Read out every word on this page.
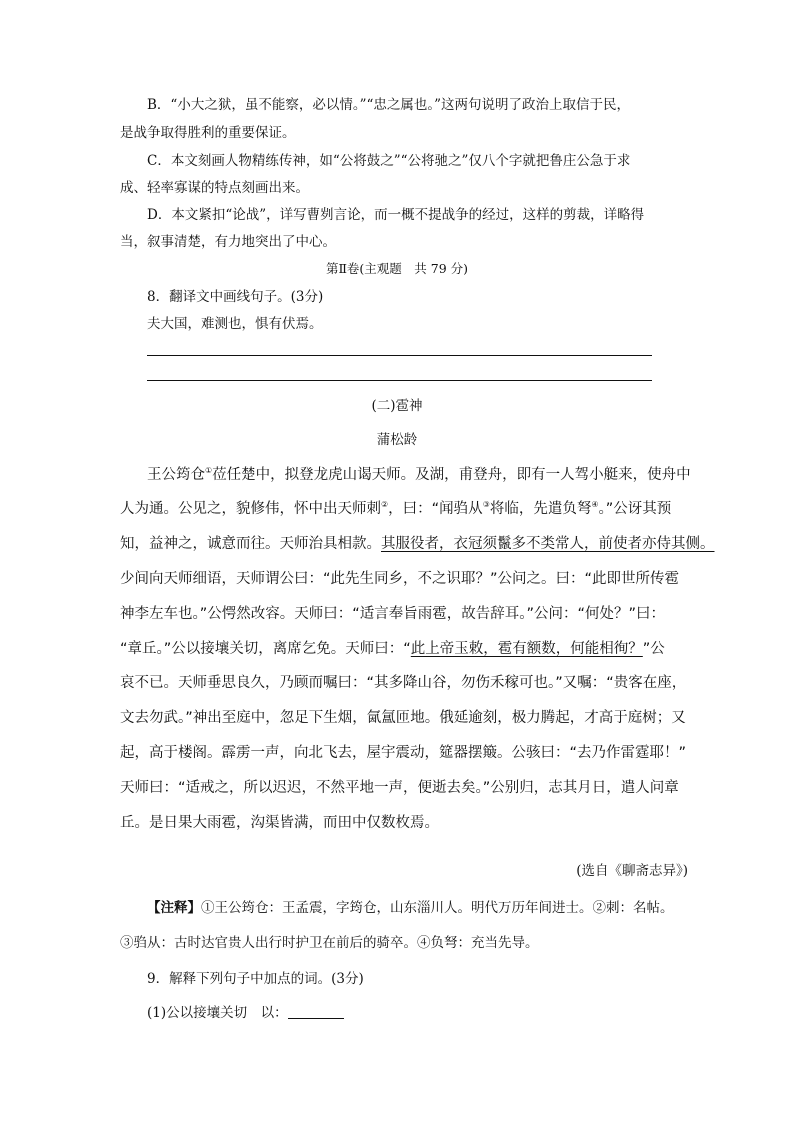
B．“小大之狱，虽不能察，必以情。”“忠之属也。”这两句说明了政治上取信于民，
是战争取得胜利的重要保证。
C．本文刻画人物精练传神，如“公将鼓之”“公将驰之”仅八个字就把鲁庄公急于求
成、轻率寡谋的特点刻画出来。
D．本文紧扣“论战”，详写曹刿言论，而一概不提战争的经过，这样的剪裁，详略得
当，叙事清楚，有力地突出了中心。
第Ⅱ卷(主观题　共 79 分)
8．翻译文中画线句子。(3分)
夫大国，难测也，惧有伏焉。
(二)雹神
蒲松龄
王公筠仓①莅任楚中，拟登龙虎山谒天师。及湖，甫登舟，即有一人驾小艇来，使舟中
人为通。公见之，貌修伟，怀中出天师刺②，曰：“闻驺从③将临，先遣负弩④。”公讶其预
知，益神之，诚意而往。天师治具相款。其服役者，衣冠须鬣多不类常人，前使者亦侍其侧。
少间向天师细语，天师谓公曰：“此先生同乡，不之识耶？”公问之。曰：“此即世所传雹
神李左车也。”公愕然改容。天师曰：“适言奉旨雨雹，故告辞耳。”公问：“何处？”曰：
“章丘。”公以接壤关切，离席乞免。天师曰：“此上帝玉敕，雹有额数，何能相徇？”公
哀不已。天师垂思良久，乃顾而嘱曰：“其多降山谷，勿伤禾稼可也。”又嘱：“贵客在座，
文去勿武。”神出至庭中，忽足下生烟，氤氲匝地。俄延逾刻，极力腾起，才高于庭树；又
起，高于楼阁。霹雳一声，向北飞去，屋宇震动，筵器摆簸。公骇曰：“去乃作雷霆耶！”
天师曰：“适戒之，所以迟迟，不然平地一声，便逝去矣。”公别归，志其月日，遣人问章
丘。是日果大雨雹，沟渠皆满，而田中仅数枚焉。
(选自《聊斋志异》)
【注释】①王公筠仓：王孟震，字筠仓，山东淄川人。明代万历年间进士。②刺：名帖。
③驺从：古时达官贵人出行时护卫在前后的骑卒。④负弩：充当先导。
9．解释下列句子中加点的词。(3分)
(1)公以接壤关切　以：
